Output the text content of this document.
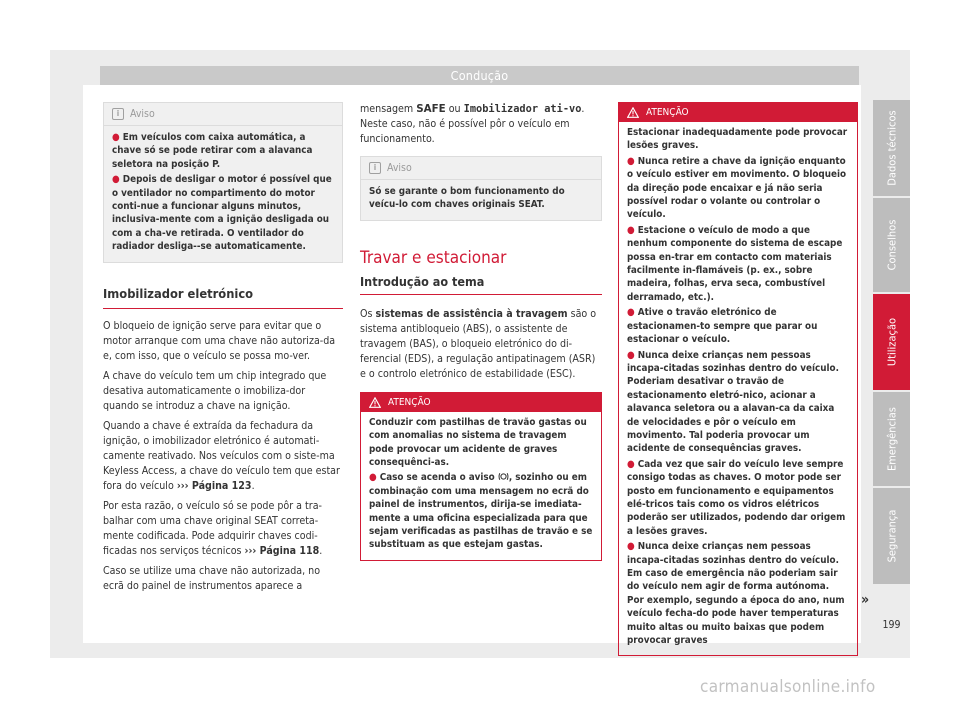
Condução
i	Aviso

● Em veículos com caixa automática, a chave só se pode retirar com a alavanca seletora na posição P.

● Depois de desligar o motor é possível que o ventilador no compartimento do motor conti-nue a funcionar alguns minutos, inclusiva-mente com a ignição desligada ou com a cha-ve retirada. O ventilador do radiador desliga--se automaticamente.

Imobilizador eletrónico

O bloqueio de ignição serve para evitar que o motor arranque com uma chave não autoriza-da e, com isso, que o veículo se possa mo-ver.

A chave do veículo tem um chip integrado que desativa automaticamente o imobiliza-dor quando se introduz a chave na ignição.

Quando a chave é extraída da fechadura da ignição, o imobilizador eletrónico é automati-camente reativado. Nos veículos com o siste-ma Keyless Access, a chave do veículo tem que estar fora do veículo ››› Página 123.

Por esta razão, o veículo só se pode pôr a tra-balhar com uma chave original SEAT correta-mente codificada. Pode adquirir chaves codi-ficadas nos serviços técnicos ››› Página 118.

Caso se utilize uma chave não autorizada, no ecrã do painel de instrumentos aparece a

mensagem SAFE ou Imobilizador ati-vo. Neste caso, não é possível pôr o veículo em funcionamento.

i	Aviso

Só se garante o bom funcionamento do veícu-lo com chaves originais SEAT.

Travar e estacionar
Introdução ao tema

Os sistemas de assistência à travagem são o sistema antibloqueio (ABS), o assistente de travagem (BAS), o bloqueio eletrónico do di-ferencial (EDS), a regulação antipatinagem (ASR) e o controlo eletrónico de estabilidade (ESC).

ATENÇÃO

Conduzir com pastilhas de travão gastas ou com anomalias no sistema de travagem pode provocar um acidente de graves consequênci-as.

● Caso se acenda o aviso , sozinho ou em combinação com uma mensagem no ecrã do painel de instrumentos, dirija-se imediata-mente a uma oficina especializada para que sejam verificadas as pastilhas de travão e se substituam as que estejam gastas.

ATENÇÃO

Estacionar inadequadamente pode provocar lesões graves.

● Nunca retire a chave da ignição enquanto o veículo estiver em movimento. O bloqueio da direção pode encaixar e já não seria possível rodar o volante ou controlar o veículo.

● Estacione o veículo de modo a que nenhum componente do sistema de escape possa en-trar em contacto com materiais facilmente in-flamáveis (p. ex., sobre madeira, folhas, erva seca, combustível derramado, etc.).

● Ative o travão eletrónico de estacionamen-to sempre que parar ou estacionar o veículo.

● Nunca deixe crianças nem pessoas incapa-citadas sozinhas dentro do veículo. Poderiam desativar o travão de estacionamento eletró-nico, acionar a alavanca seletora ou a alavan-ca da caixa de velocidades e pôr o veículo em movimento. Tal poderia provocar um acidente de consequências graves.

● Cada vez que sair do veículo leve sempre consigo todas as chaves. O motor pode ser posto em funcionamento e equipamentos elé-tricos tais como os vidros elétricos poderão ser utilizados, podendo dar origem a lesões graves.

● Nunca deixe crianças nem pessoas incapa-citadas sozinhas dentro do veículo. Em caso de emergência não poderiam sair do veículo nem agir de forma autónoma. Por exemplo, segundo a época do ano, num veículo fecha-do pode haver temperaturas muito altas ou muito baixas que podem provocar graves

»
Dados técnicos
Conselhos
Utilização
Emergências
Segurança
199
carmanualsonline.info
